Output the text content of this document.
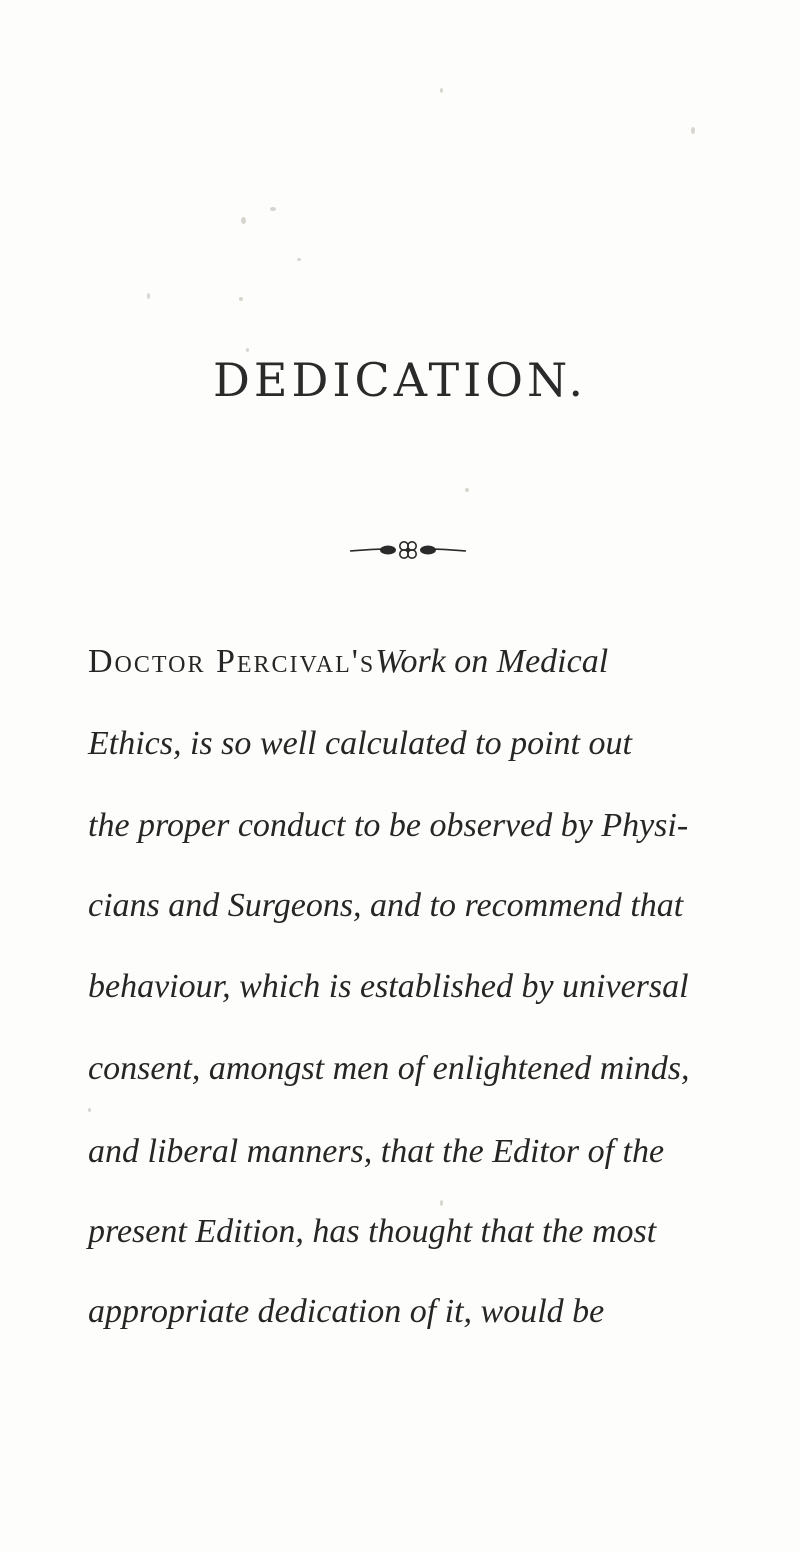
DEDICATION.
Doctor Percival'sWork on Medical
Ethics, is so well calculated to point out
the proper conduct to be observed by Physi-
cians and Surgeons, and to recommend that
behaviour, which is established by universal
consent, amongst men of enlightened minds,
and liberal manners, that the Editor of the
present Edition, has thought that the most
appropriate dedication of it, would be
